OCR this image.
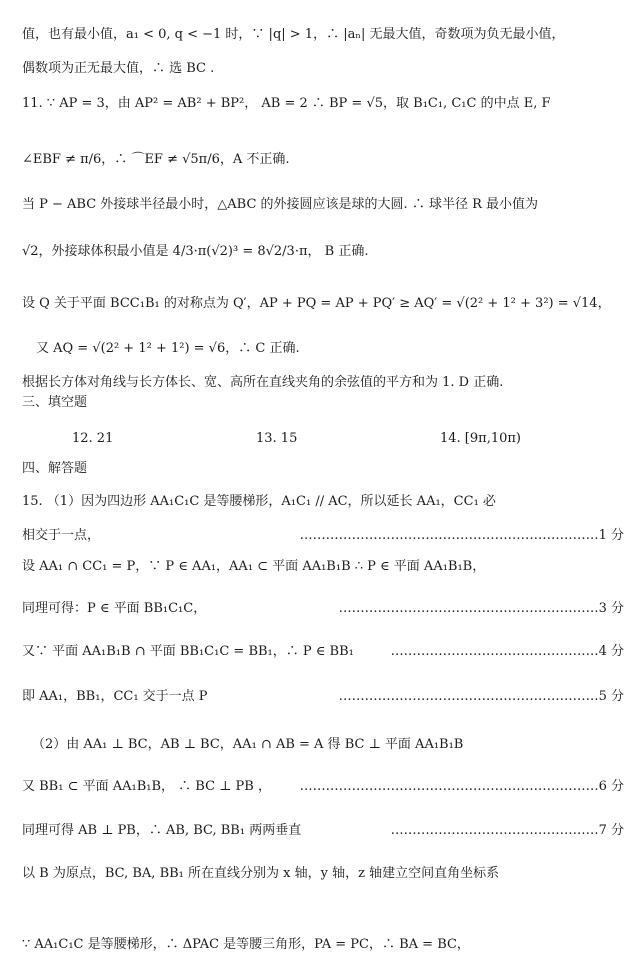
值，也有最小值，a₁ < 0, q < −1 时，∵ |q| > 1，∴ |aₙ| 无最大值，奇数项为负无最小值，
偶数项为正无最大值，∴ 选 BC .
11. ∵ AP = 3，由 AP² = AB² + BP²， AB = 2 ∴ BP = √5，取 B₁C₁, C₁C 的中点 E, F
∠EBF ≠ π/6，∴ ⌒EF ≠ √5π/6，A 不正确.
当 P − ABC 外接球半径最小时，△ABC 的外接圆应该是球的大圆. ∴ 球半径 R 最小值为
√2，外接球体积最小值是 4/3·π(√2)³ = 8√2/3·π， B 正确.
设 Q 关于平面 BCC₁B₁ 的对称点为 Q′，AP + PQ = AP + PQ′ ≥ AQ′ = √(2² + 1² + 3²) = √14，
又 AQ = √(2² + 1² + 1²) = √6，∴ C 正确.
根据长方体对角线与长方体长、宽、高所在直线夹角的余弦值的平方和为 1. D 正确.
三、填空题
12. 21	13. 15	14. [9π,10π)
四、解答题
15. （1）因为四边形 AA₁C₁C 是等腰梯形，A₁C₁ // AC，所以延长 AA₁，CC₁ 必
相交于一点，	……………………………………………………………1 分
设 AA₁ ∩ CC₁ = P，∵ P ∈ AA₁，AA₁ ⊂ 平面 AA₁B₁B ∴ P ∈ 平面 AA₁B₁B，
同理可得：P ∈ 平面 BB₁C₁C，	……………………………………………………3 分
又∵ 平面 AA₁B₁B ∩ 平面 BB₁C₁C = BB₁，∴ P ∈ BB₁	…………………………………………4 分
即 AA₁，BB₁，CC₁ 交于一点 P	……………………………………………………5 分
（2）由 AA₁ ⊥ BC，AB ⊥ BC，AA₁ ∩ AB = A 得 BC ⊥ 平面 AA₁B₁B
又 BB₁ ⊂ 平面 AA₁B₁B， ∴ BC ⊥ PB ，	……………………………………………………………6 分
同理可得 AB ⊥ PB，∴ AB, BC, BB₁ 两两垂直	…………………………………………7 分
以 B 为原点，BC, BA, BB₁ 所在直线分别为 x 轴，y 轴，z 轴建立空间直角坐标系
∵ AA₁C₁C 是等腰梯形，∴ ΔPAC 是等腰三角形，PA = PC，∴ BA = BC，
